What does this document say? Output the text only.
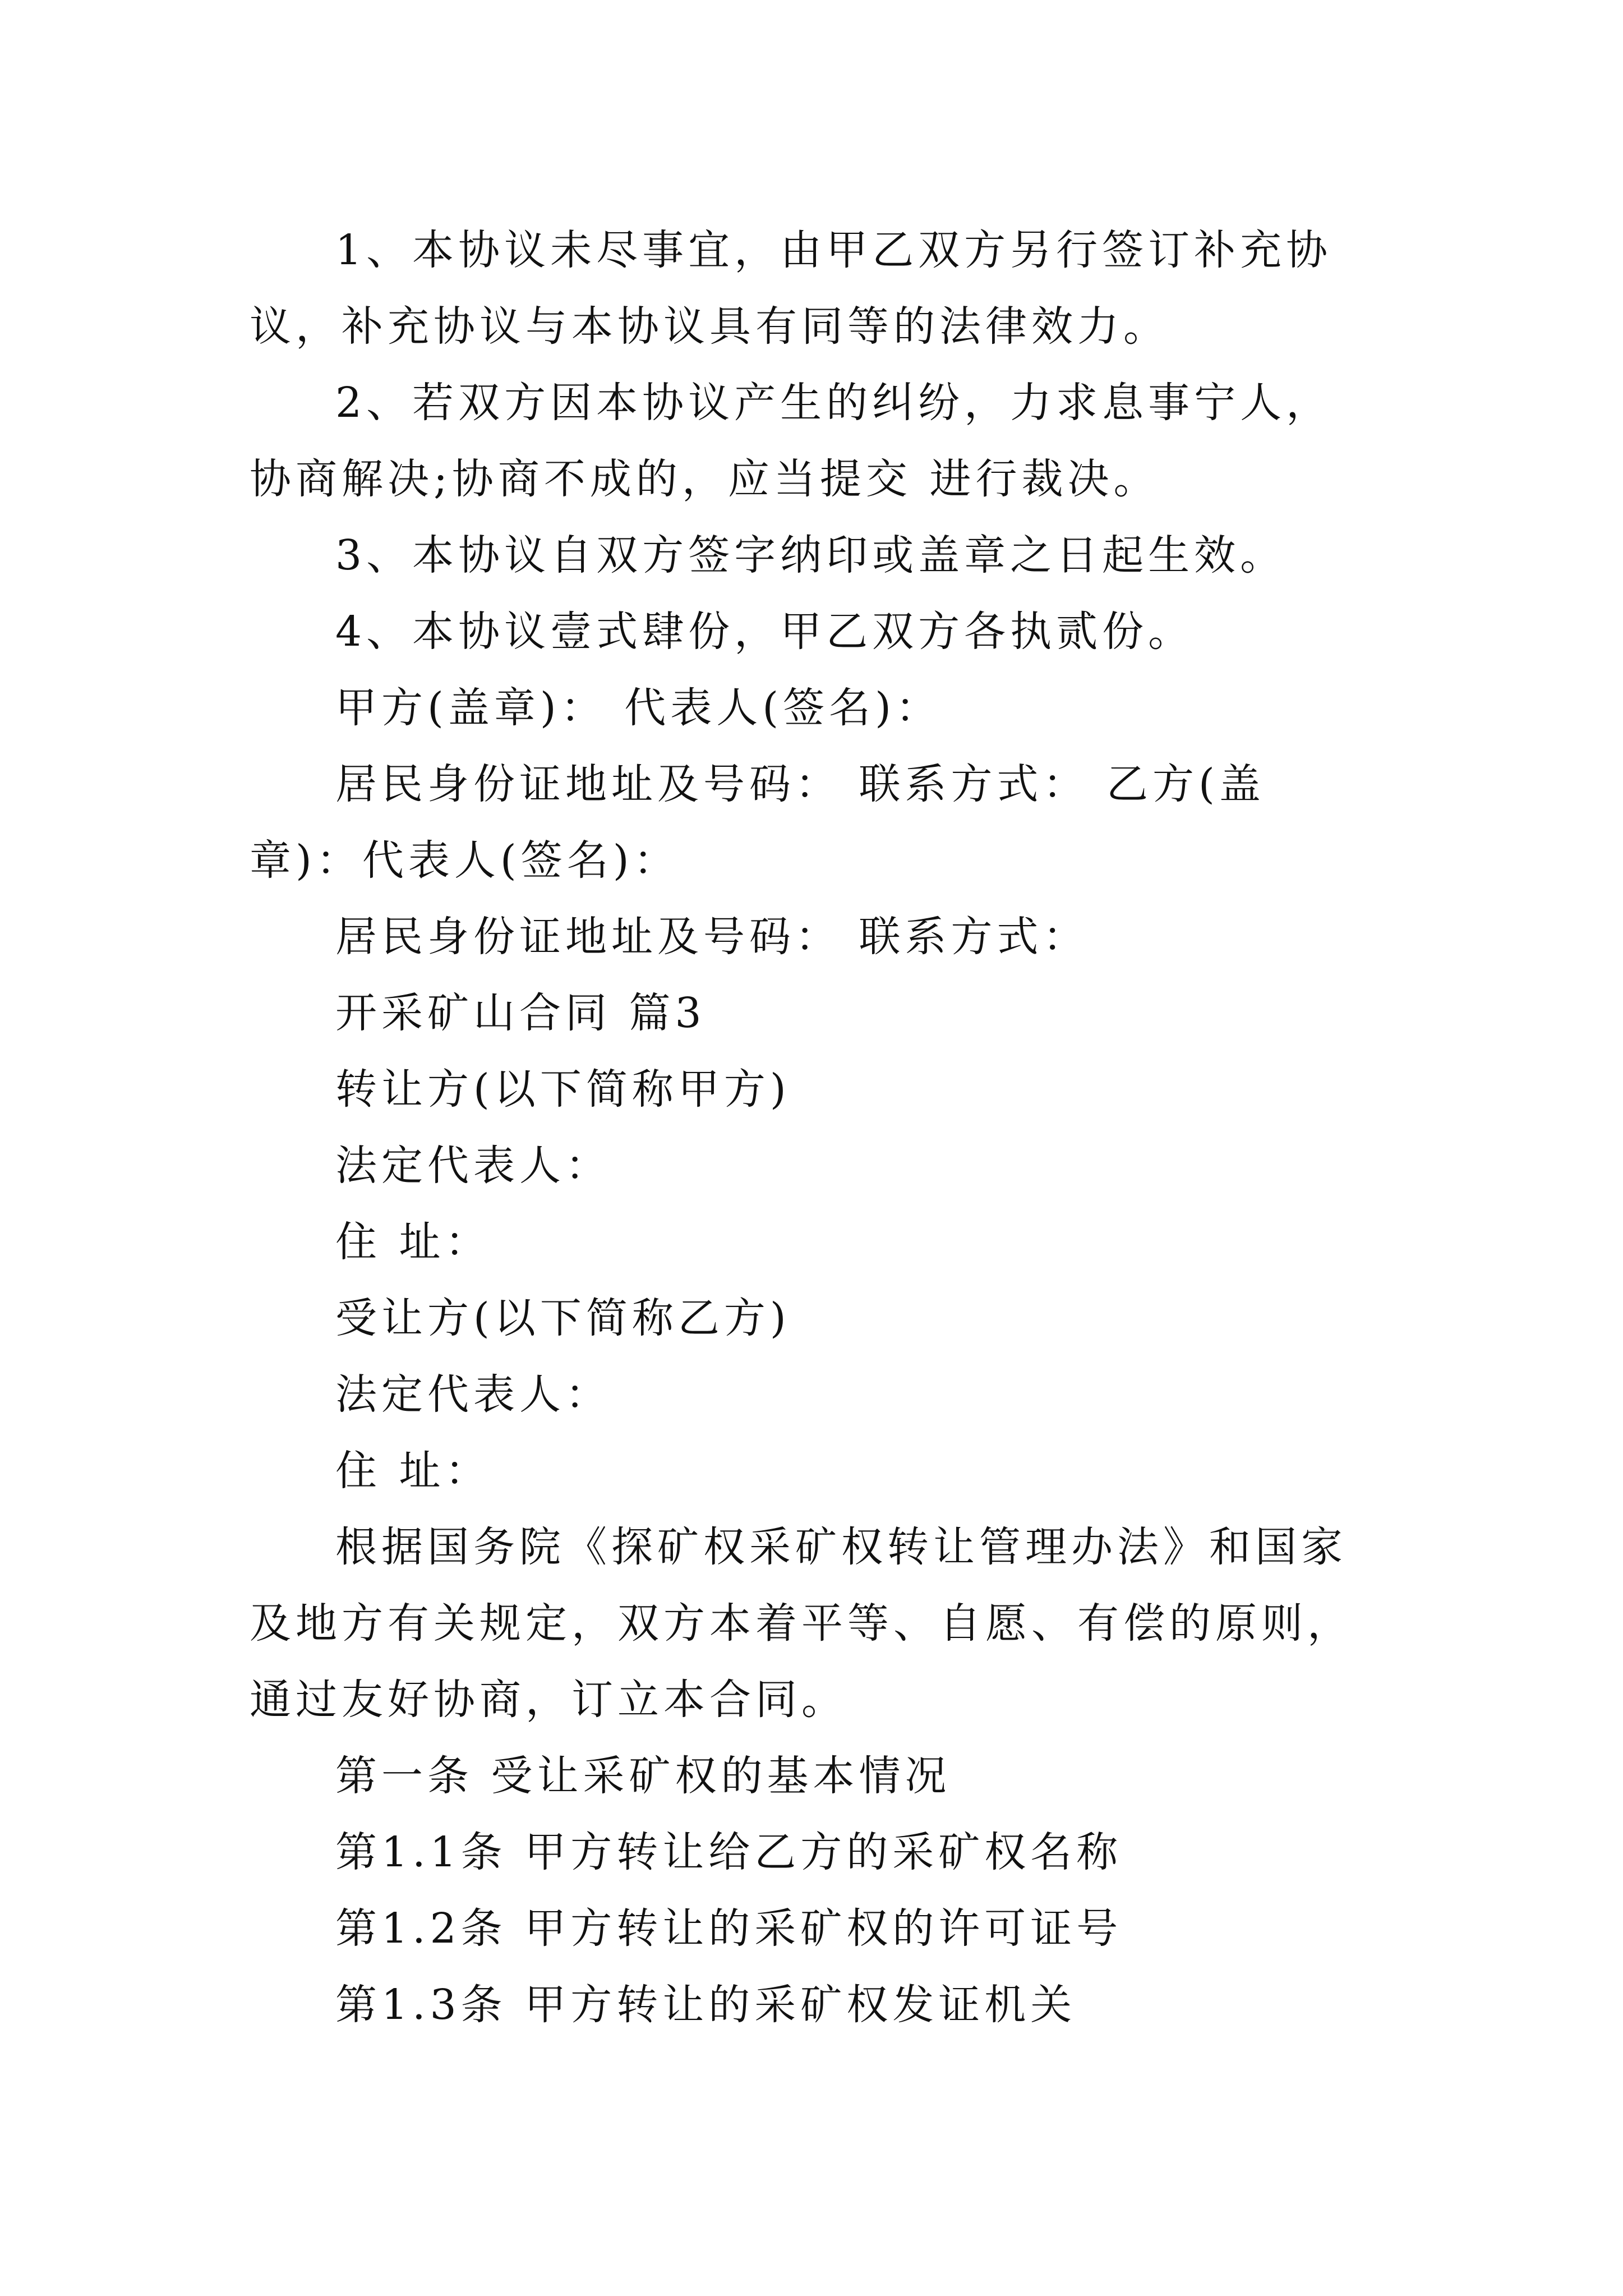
1、本协议未尽事宜，由甲乙双方另行签订补充协议，补充协议与本协议具有同等的法律效力。

2、若双方因本协议产生的纠纷，力求息事宁人，协商解决;协商不成的，应当提交 进行裁决。

3、本协议自双方签字纳印或盖章之日起生效。

4、本协议壹式肆份，甲乙双方各执贰份。

甲方(盖章)： 代表人(签名)：

居民身份证地址及号码： 联系方式： 乙方(盖章)：代表人(签名)：

居民身份证地址及号码： 联系方式：

开采矿山合同 篇3

转让方(以下简称甲方)

法定代表人：

住 址：

受让方(以下简称乙方)

法定代表人：

住 址：

根据国务院《探矿权采矿权转让管理办法》和国家及地方有关规定，双方本着平等、自愿、有偿的原则，通过友好协商，订立本合同。

第一条 受让采矿权的基本情况

第1.1条 甲方转让给乙方的采矿权名称

第1.2条 甲方转让的采矿权的许可证号

第1.3条 甲方转让的采矿权发证机关
